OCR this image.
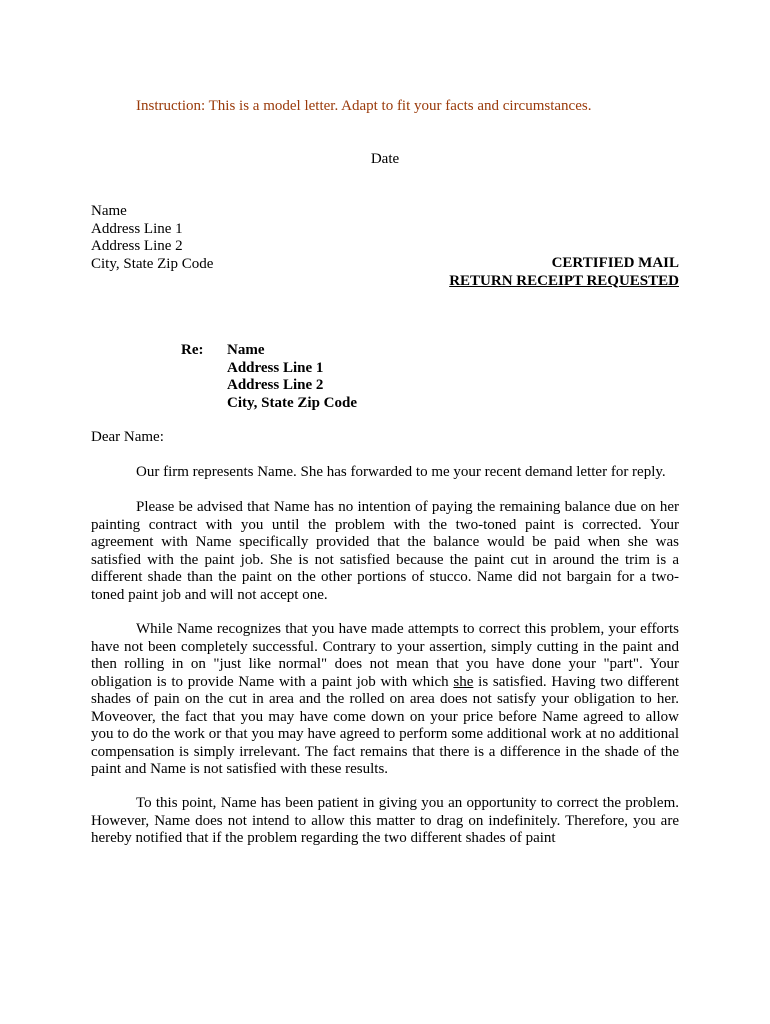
Instruction: This is a model letter. Adapt to fit your facts and circumstances.
Date
Name
Address Line 1
Address Line 2
City, State Zip Code	CERTIFIED MAIL
RETURN RECEIPT REQUESTED
Re: Name
Address Line 1
Address Line 2
City, State Zip Code
Dear Name:
Our firm represents Name. She has forwarded to me your recent demand letter for reply.
Please be advised that Name has no intention of paying the remaining balance due on her painting contract with you until the problem with the two-toned paint is corrected. Your agreement with Name specifically provided that the balance would be paid when she was satisfied with the paint job. She is not satisfied because the paint cut in around the trim is a different shade than the paint on the other portions of stucco. Name did not bargain for a two-toned paint job and will not accept one.
While Name recognizes that you have made attempts to correct this problem, your efforts have not been completely successful. Contrary to your assertion, simply cutting in the paint and then rolling in on "just like normal" does not mean that you have done your "part". Your obligation is to provide Name with a paint job with which she is satisfied. Having two different shades of pain on the cut in area and the rolled on area does not satisfy your obligation to her. Moveover, the fact that you may have come down on your price before Name agreed to allow you to do the work or that you may have agreed to perform some additional work at no additional compensation is simply irrelevant. The fact remains that there is a difference in the shade of the paint and Name is not satisfied with these results.
To this point, Name has been patient in giving you an opportunity to correct the problem. However, Name does not intend to allow this matter to drag on indefinitely. Therefore, you are hereby notified that if the problem regarding the two different shades of paint
